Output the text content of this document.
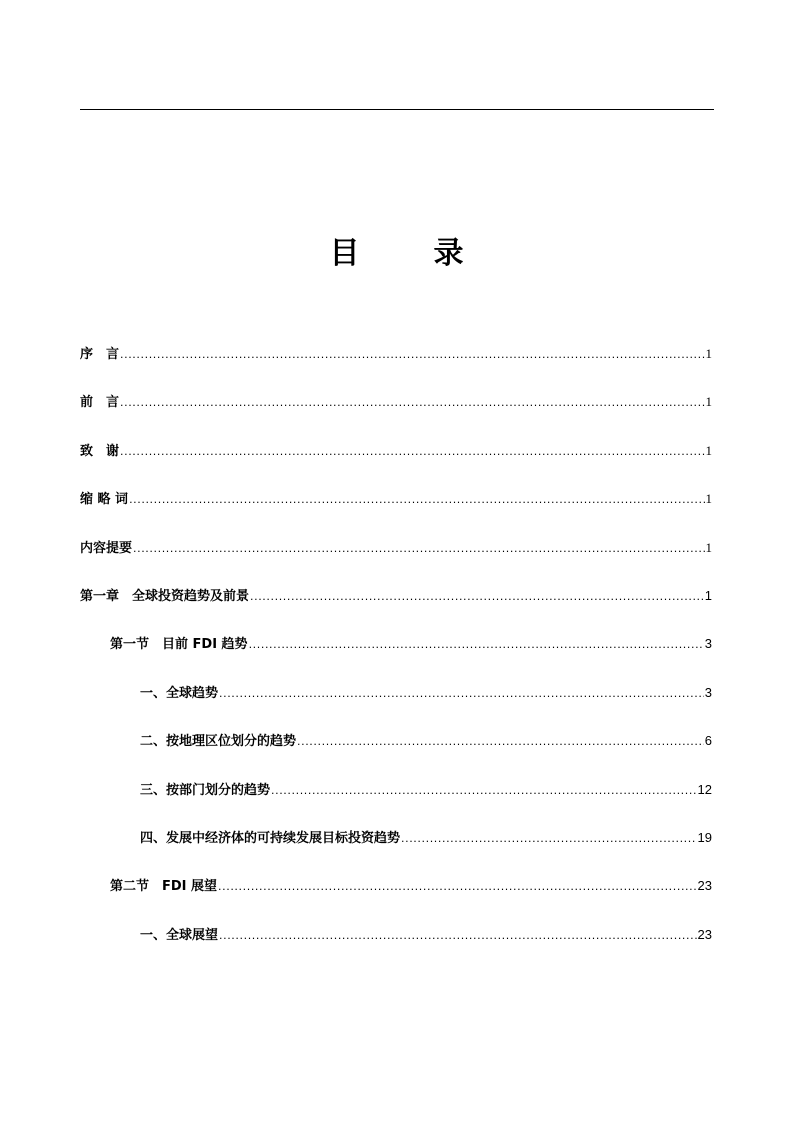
目　录
序　言 .....	1
前　言 .....	1
致　谢 .....	1
缩 略 词 .....	1
内容提要 .....	1
第一章　全球投资趋势及前景 .....	1
第一节　目前 FDI 趋势 .....	3
一、全球趋势 .....	3
二、按地理区位划分的趋势 .....	6
三、按部门划分的趋势 .....	12
四、发展中经济体的可持续发展目标投资趋势 .....	19
第二节　FDI 展望 .....	23
一、全球展望 .....	23
